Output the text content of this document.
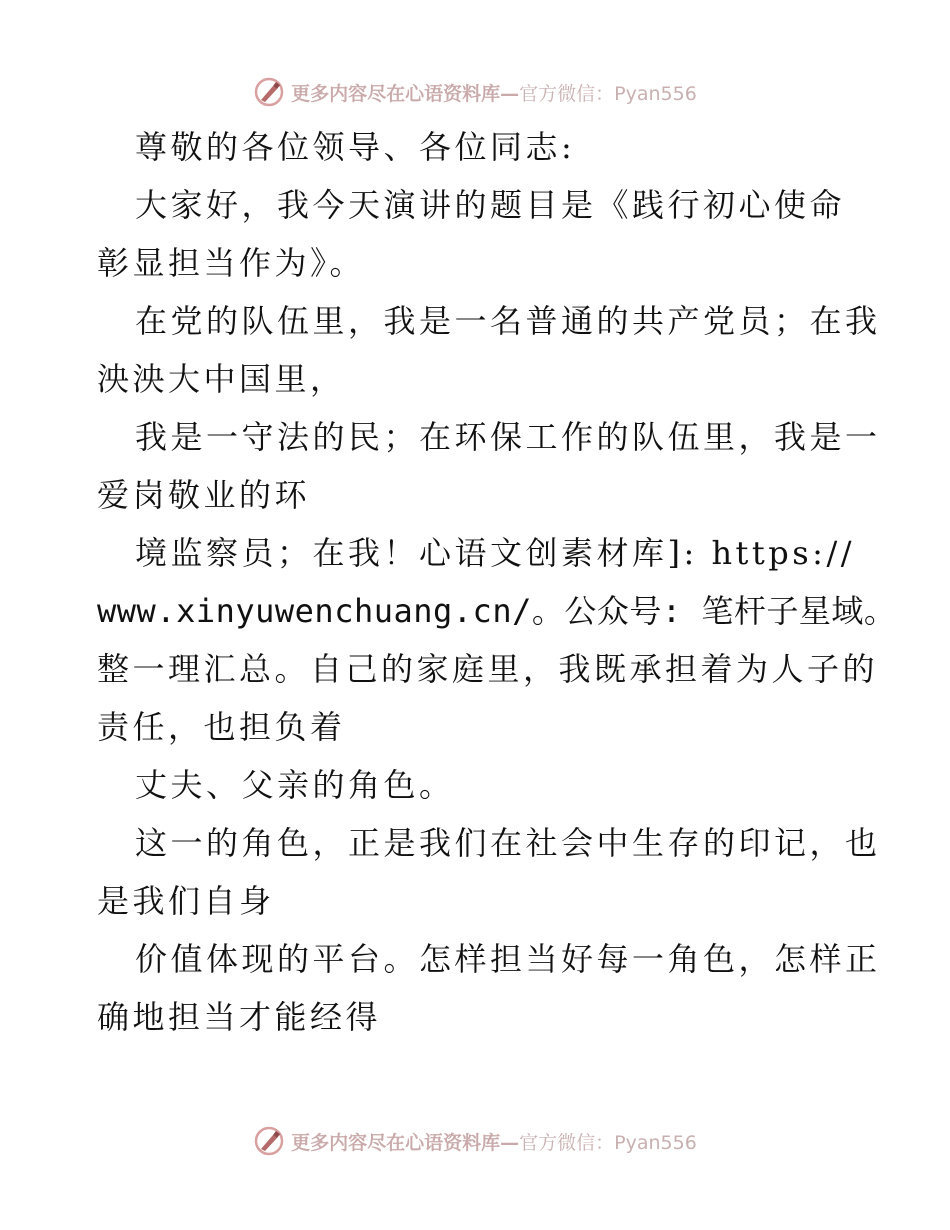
更多内容尽在心语资料库— 官方微信：Pyan556
尊敬的各位领导、各位同志:
大家好，我今天演讲的题目是《践行初心使命
彰显担当作为》。
在党的队伍里，我是一名普通的共产党员；在我
泱泱大中国里，
我是一守法的民；在环保工作的队伍里，我是一
爱岗敬业的环
境监察员；在我！心语文创素材库]: https://
www.xinyuwenchuang.cn/。公众号: 笔杆子星域。
整一理汇总。自己的家庭里，我既承担着为人子的
责任，也担负着
丈夫、父亲的角色。
这一的角色，正是我们在社会中生存的印记，也
是我们自身
价值体现的平台。怎样担当好每一角色，怎样正
确地担当才能经得
更多内容尽在心语资料库— 官方微信：Pyan556
